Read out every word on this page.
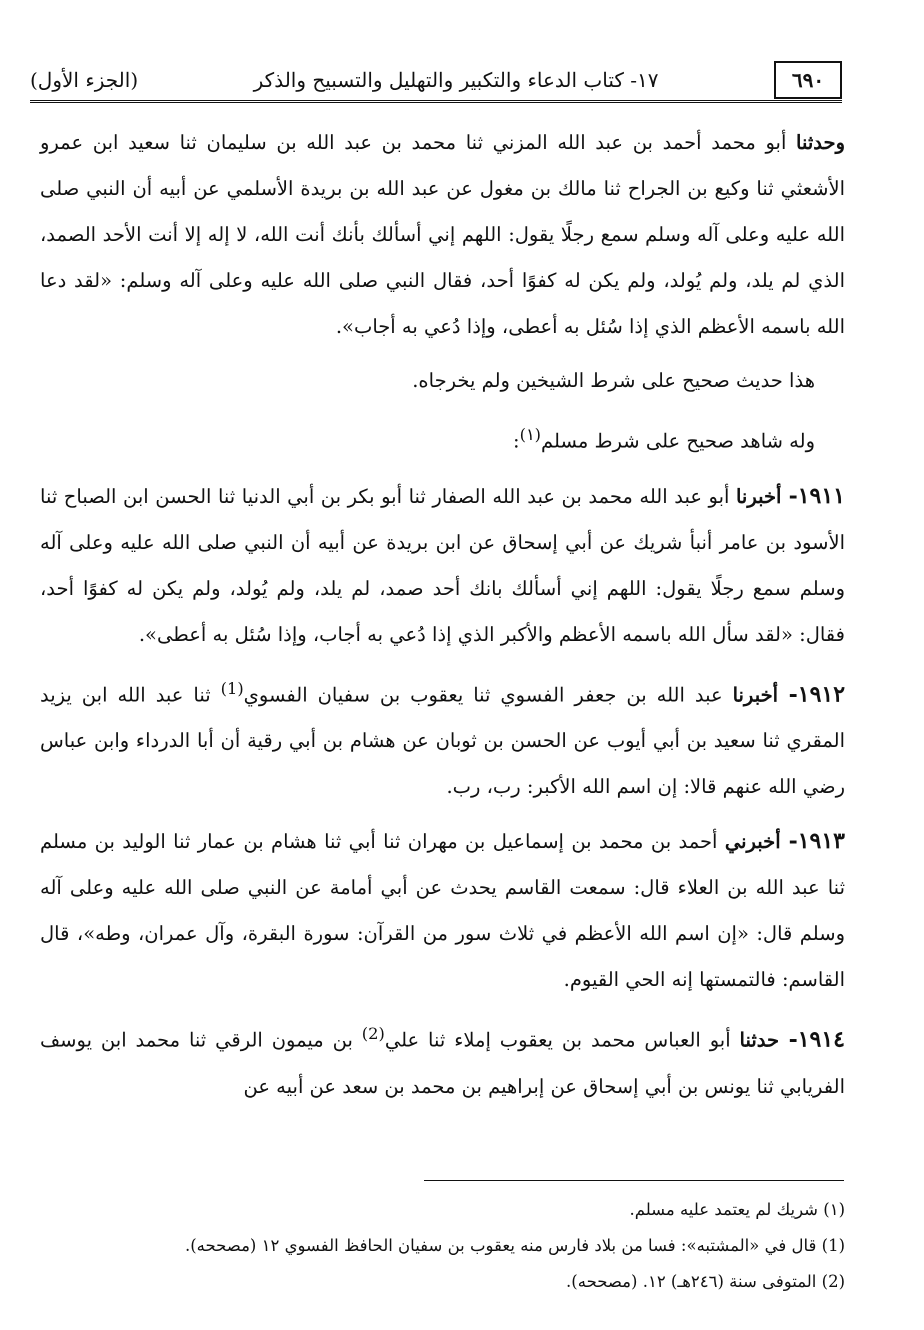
٦٩٠
١٧- كتاب الدعاء والتكبير والتهليل والتسبيح والذكر
(الجزء الأول)

وحدثنا أبو محمد أحمد بن عبد الله المزني ثنا محمد بن عبد الله بن سليمان ثنا سعيد ابن عمرو الأشعثي ثنا وكيع بن الجراح ثنا مالك بن مغول عن عبد الله بن بريدة الأسلمي عن أبيه أن النبي صلى الله عليه وعلى آله وسلم سمع رجلًا يقول: اللهم إني أسألك بأنك أنت الله، لا إله إلا أنت الأحد الصمد، الذي لم يلد، ولم يُولد، ولم يكن له كفوًا أحد، فقال النبي صلى الله عليه وعلى آله وسلم: «لقد دعا الله باسمه الأعظم الذي إذا سُئل به أعطى، وإذا دُعي به أجاب».

هذا حديث صحيح على شرط الشيخين ولم يخرجاه.

وله شاهد صحيح على شرط مسلم$^{(١)}$:

١٩١١- أخبرنا أبو عبد الله محمد بن عبد الله الصفار ثنا أبو بكر بن أبي الدنيا ثنا الحسن ابن الصباح ثنا الأسود بن عامر أنبأ شريك عن أبي إسحاق عن ابن بريدة عن أبيه أن النبي صلى الله عليه وعلى آله وسلم سمع رجلًا يقول: اللهم إني أسألك بانك أحد صمد، لم يلد، ولم يُولد، ولم يكن له كفوًا أحد، فقال: «لقد سأل الله باسمه الأعظم والأكبر الذي إذا دُعي به أجاب، وإذا سُئل به أعطى».

١٩١٢- أخبرنا عبد الله بن جعفر الفسوي ثنا يعقوب بن سفيان الفسوي$^{(1)}$ ثنا عبد الله ابن يزيد المقري ثنا سعيد بن أبي أيوب عن الحسن بن ثوبان عن هشام بن أبي رقية أن أبا الدرداء وابن عباس رضي الله عنهم قالا: إن اسم الله الأكبر: رب، رب.

١٩١٣- أخبرني أحمد بن محمد بن إسماعيل بن مهران ثنا أبي ثنا هشام بن عمار ثنا الوليد بن مسلم ثنا عبد الله بن العلاء قال: سمعت القاسم يحدث عن أبي أمامة عن النبي صلى الله عليه وعلى آله وسلم قال: «إن اسم الله الأعظم في ثلاث سور من القرآن: سورة البقرة، وآل عمران، وطه»، قال القاسم: فالتمستها إنه الحي القيوم.

١٩١٤- حدثنا أبو العباس محمد بن يعقوب إملاء ثنا علي$^{(2)}$ بن ميمون الرقي ثنا محمد ابن يوسف الفريابي ثنا يونس بن أبي إسحاق عن إبراهيم بن محمد بن سعد عن أبيه عن

(١) شريك لم يعتمد عليه مسلم.
(1) قال في «المشتبه»: فسا من بلاد فارس منه يعقوب بن سفيان الحافظ الفسوي ١٢ (مصححه).
(2) المتوفى سنة (٢٤٦هـ) ١٢. (مصححه).
